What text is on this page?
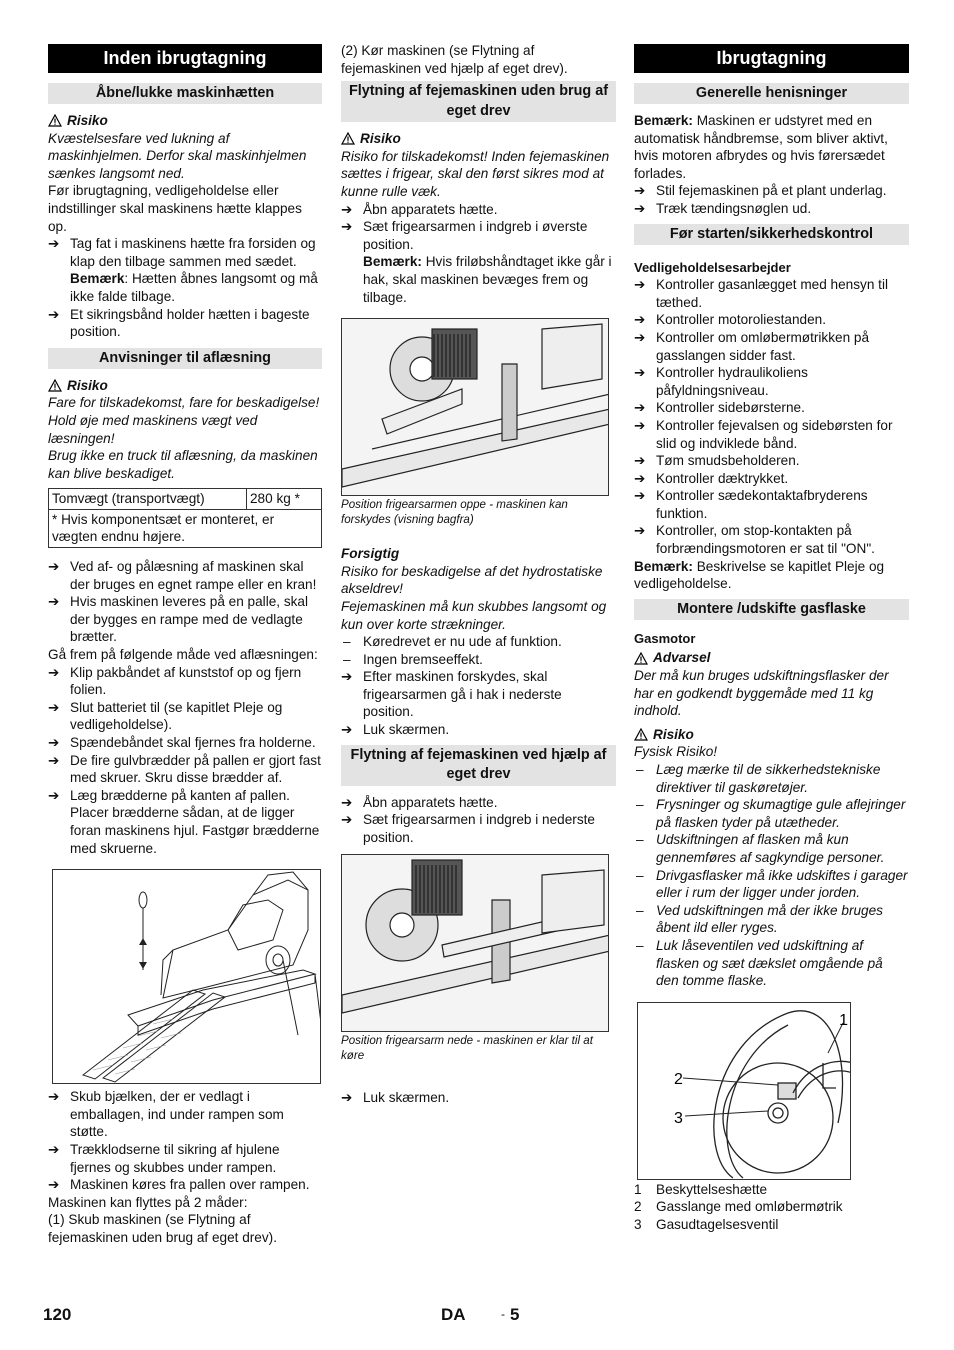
Inden ibrugtagning
Åbne/lukke maskinhætten
Risiko
Kvæstelsesfare ved lukning af maskinhjelmen. Derfor skal maskinhjelmen sænkes langsomt ned.
Før ibrugtagning, vedligeholdelse eller indstillinger skal maskinens hætte klappes op.
➔ Tag fat i maskinens hætte fra forsiden og klap den tilbage sammen med sædet.
Bemærk: Hætten åbnes langsomt og må ikke falde tilbage.
➔ Et sikringsbånd holder hætten i bageste position.
Anvisninger til aflæsning
Risiko
Fare for tilskadekomst, fare for beskadigelse! Hold øje med maskinens vægt ved læsningen!
Brug ikke en truck til aflæsning, da maskinen kan blive beskadiget.
Tomvægt (transportvægt)	280 kg *
* Hvis komponentsæt er monteret, er vægten endnu højere.
➔ Ved af- og pålæsning af maskinen skal der bruges en egnet rampe eller en kran!
➔ Hvis maskinen leveres på en palle, skal der bygges en rampe med de vedlagte brætter.
Gå frem på følgende måde ved aflæsningen:
➔ Klip pakbåndet af kunststof op og fjern folien.
➔ Slut batteriet til (se kapitlet Pleje og vedligeholdelse).
➔ Spændebåndet skal fjernes fra holderne.
➔ De fire gulvbrædder på pallen er gjort fast med skruer. Skru disse brædder af.
➔ Læg brædderne på kanten af pallen. Placer brædderne sådan, at de ligger foran maskinens hjul. Fastgør brædderne med skruerne.
➔ Skub bjælken, der er vedlagt i emballagen, ind under rampen som støtte.
➔ Trækklodserne til sikring af hjulene fjernes og skubbes under rampen.
➔ Maskinen køres fra pallen over rampen.
Maskinen kan flyttes på 2 måder:
(1) Skub maskinen (se Flytning af fejemaskinen uden brug af eget drev).
(2) Kør maskinen (se Flytning af fejemaskinen ved hjælp af eget drev).
Flytning af fejemaskinen uden brug af eget drev
Risiko
Risiko for tilskadekomst! Inden fejemaskinen sættes i frigear, skal den først sikres mod at kunne rulle væk.
➔ Åbn apparatets hætte.
➔ Sæt frigearsarmen i indgreb i øverste position.
Bemærk: Hvis friløbshåndtaget ikke går i hak, skal maskinen bevæges frem og tilbage.
Position frigearsarmen oppe - maskinen kan forskydes (visning bagfra)
Forsigtig
Risiko for beskadigelse af det hydrostatiske akseldrev!
Fejemaskinen må kun skubbes langsomt og kun over korte strækninger.
– Køredrevet er nu ude af funktion.
– Ingen bremseeffekt.
➔ Efter maskinen forskydes, skal frigearsarmen gå i hak i nederste position.
➔ Luk skærmen.
Flytning af fejemaskinen ved hjælp af eget drev
➔ Åbn apparatets hætte.
➔ Sæt frigearsarmen i indgreb i nederste position.
Position frigearsarm nede - maskinen er klar til at køre
➔ Luk skærmen.
Ibrugtagning
Generelle henisninger
Bemærk: Maskinen er udstyret med en automatisk håndbremse, som bliver aktivt, hvis motoren afbrydes og hvis førersædet forlades.
➔ Stil fejemaskinen på et plant underlag.
➔ Træk tændingsnøglen ud.
Før starten/sikkerhedskontrol
Vedligeholdelsesarbejder
➔ Kontroller gasanlægget med hensyn til tæthed.
➔ Kontroller motoroliestanden.
➔ Kontroller om omløbermøtrikken på gasslangen sidder fast.
➔ Kontroller hydraulikoliens påfyldningsniveau.
➔ Kontroller sidebørsterne.
➔ Kontroller fejevalsen og sidebørsten for slid og indviklede bånd.
➔ Tøm smudsbeholderen.
➔ Kontroller dæktrykket.
➔ Kontroller sædekontaktafbryderens funktion.
➔ Kontroller, om stop-kontakten på forbrændingsmotoren er sat til "ON".
Bemærk: Beskrivelse se kapitlet Pleje og vedligeholdelse.
Montere /udskifte gasflaske
Gasmotor
Advarsel
Der må kun bruges udskiftningsflasker der har en godkendt byggemåde med 11 kg indhold.
Risiko
Fysisk Risiko!
– Læg mærke til de sikkerhedstekniske direktiver til gaskøretøjer.
– Frysninger og skumagtige gule aflejringer på flasken tyder på utætheder.
– Udskiftningen af flasken må kun gennemføres af sagkyndige personer.
– Drivgasflasker må ikke udskiftes i garager eller i rum der ligger under jorden.
– Ved udskiftningen må der ikke bruges åbent ild eller ryges.
– Luk låseventilen ved udskiftning af flasken og sæt dækslet omgående på den tomme flaske.
1
2
3
1	Beskyttelseshætte
2	Gasslange med omløbermøtrik
3	Gasudtagelsesventil
120	DA	- 5
